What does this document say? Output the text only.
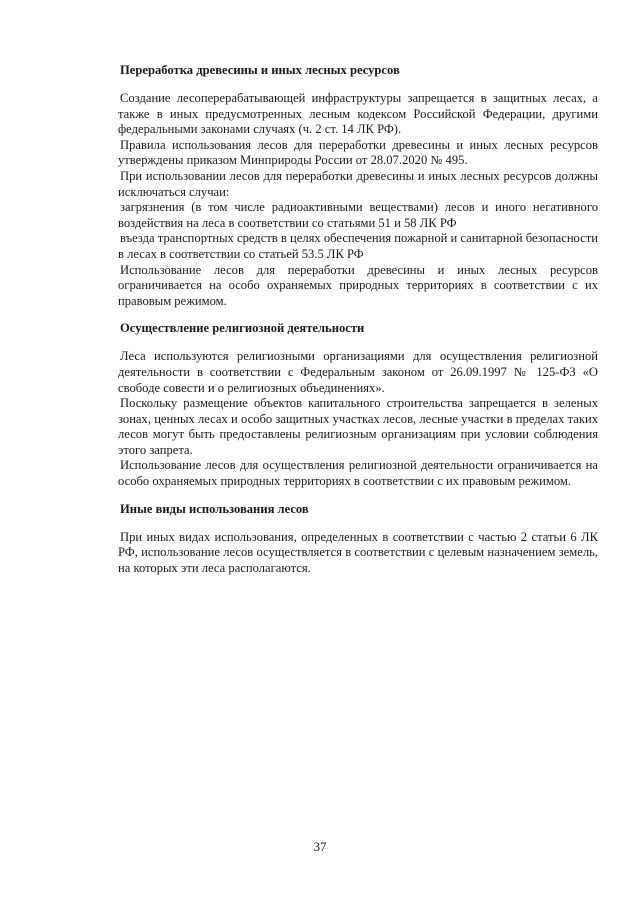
Переработка древесины и иных лесных ресурсов

Создание лесоперерабатывающей инфраструктуры запрещается в защитных лесах, а также в иных предусмотренных лесным кодексом Российской Федерации, другими федеральными законами случаях (ч. 2 ст. 14 ЛК РФ).

Правила использования лесов для переработки древесины и иных лесных ресурсов утверждены приказом Минприроды России от 28.07.2020 № 495.

При использовании лесов для переработки древесины и иных лесных ресурсов должны исключаться случаи:

загрязнения (в том числе радиоактивными веществами) лесов и иного негативного воздействия на леса в соответствии со статьями 51 и 58 ЛК РФ

въезда транспортных средств в целях обеспечения пожарной и санитарной безопасности в лесах в соответствии со статьей 53.5 ЛК РФ

Использование лесов для переработки древесины и иных лесных ресурсов ограничивается на особо охраняемых природных территориях в соответствии с их правовым режимом.

Осуществление религиозной деятельности

Леса используются религиозными организациями для осуществления религиозной деятельности в соответствии с Федеральным законом от 26.09.1997 № 125-ФЗ «О свободе совести и о религиозных объединениях».

Поскольку размещение объектов капитального строительства запрещается в зеленых зонах, ценных лесах и особо защитных участках лесов, лесные участки в пределах таких лесов могут быть предоставлены религиозным организациям при условии соблюдения этого запрета.

Использование лесов для осуществления религиозной деятельности ограничивается на особо охраняемых природных территориях в соответствии с их правовым режимом.

Иные виды использования лесов

При иных видах использования, определенных в соответствии с частью 2 статьи 6 ЛК РФ, использование лесов осуществляется в соответствии с целевым назначением земель, на которых эти леса располагаются.

37
